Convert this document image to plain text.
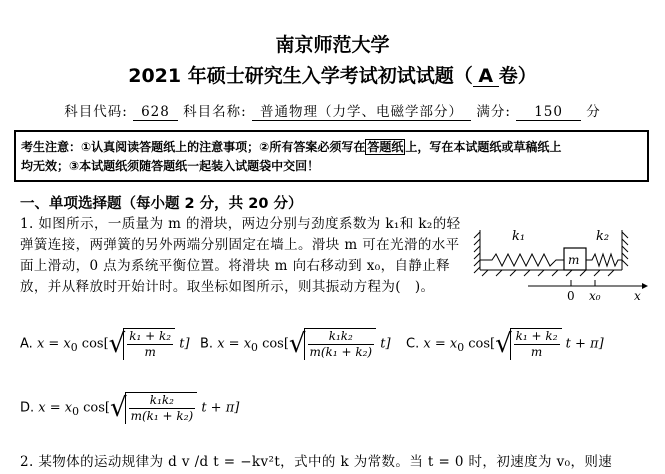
南京师范大学
2021 年硕士研究生入学考试初试试题（ A 卷）
科目代码: 628 科目名称: 普通物理（力学、电磁学部分） 满分: 150 分
考生注意：①认真阅读答题纸上的注意事项；②所有答案必须写在 答题纸 上，写在本试题纸或草稿纸上
均无效；③本试题纸须随答题纸一起装入试题袋中交回！
一、单项选择题（每小题 2 分，共 20 分）
1. 如图所示，一质量为 m 的滑块，两边分别与劲度系数为 k₁和 k₂的轻弹簧连接，两弹簧的另外两端分别固定在墙上。滑块 m 可在光滑的水平面上滑动，0 点为系统平衡位置。将滑块 m 向右移动到 x₀，自静止释放，并从释放时开始计时。取坐标如图所示，则其振动方程为(　)。
m
k₁	k₂
0 x₀	x
A. $x = x_0$ $\cos[√ \frac{\text{k₁ + k₂}}{m} t]$ B. $x = x_0$ $\cos[√ \frac{\text{k₁k₂}}{\text{m(k₁ + k₂)}} t]$ C. $x = x_0$ $\cos[√ \frac{\text{k₁ + k₂}}{m}$ t + π]
D. $x = x_0$ $\cos[√ \frac{\text{k₁k₂}}{\text{m(k₁ + k₂)}}$ t + π]
2. 某物体的运动规律为 d v /d t = −kv²t，式中的 k 为常数。当 t = 0 时，初速度为 v₀，则速
